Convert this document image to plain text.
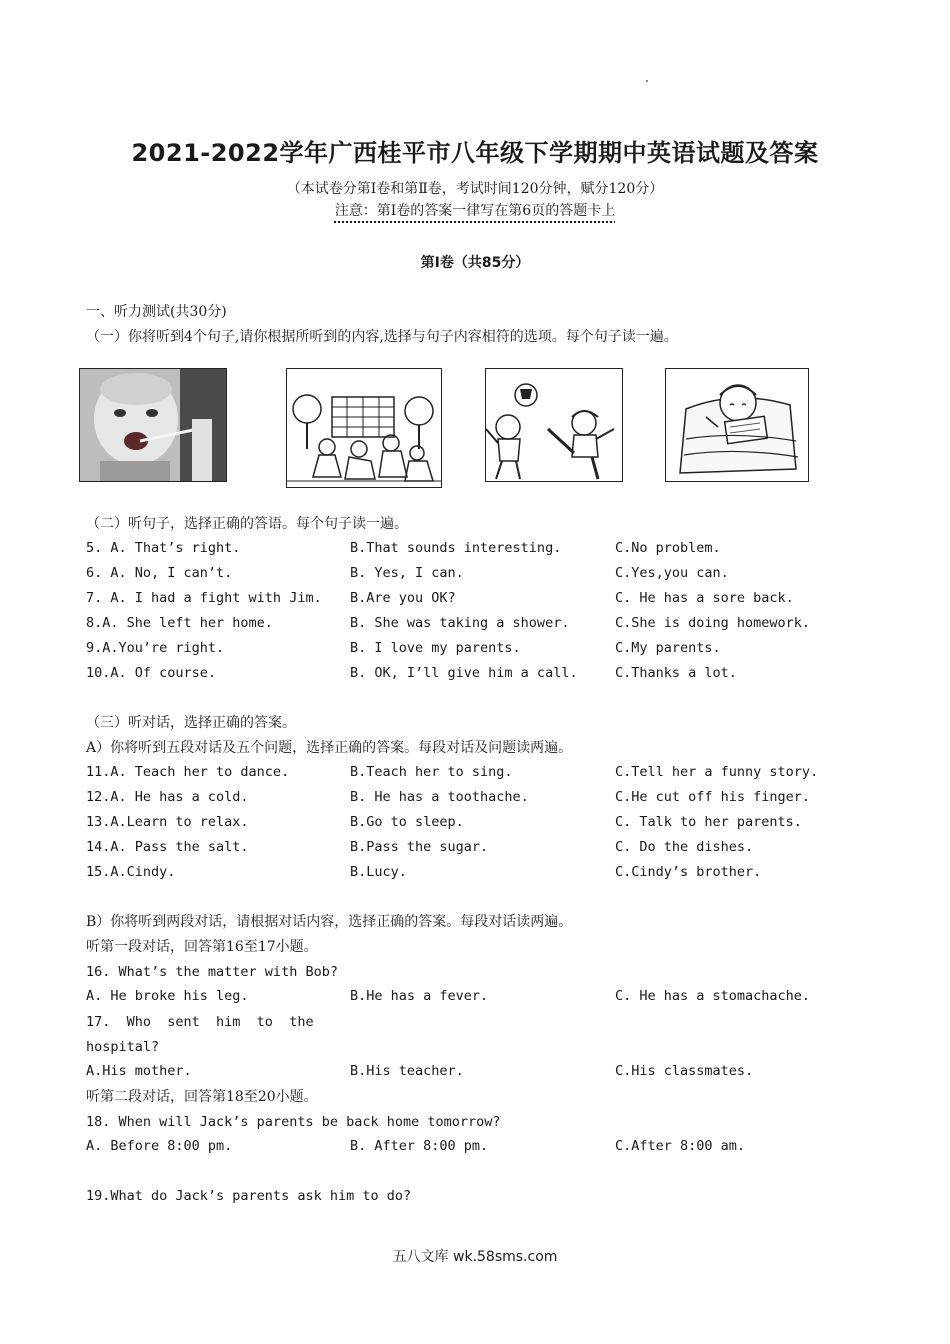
2021-2022学年广西桂平市八年级下学期期中英语试题及答案
（本试卷分第Ⅰ卷和第Ⅱ卷，考试时间120分钟，赋分120分）
注意：第Ⅰ卷的答案一律写在第6页的答题卡上
第Ⅰ卷（共85分）
一、听力测试(共30分)
（一）你将听到4个句子,请你根据所听到的内容,选择与句子内容相符的选项。每个句子读一遍。
（二）听句子，选择正确的答语。每个句子读一遍。
5. A. That’s right.	B.That sounds interesting.	C.No problem.
6. A. No, I can’t.	B. Yes, I can.	C.Yes,you can.
7. A. I had a fight with Jim. B.Are you OK?	C. He has a sore back.
8.A. She left her home.	B. She was taking a shower.	C.She is doing homework.
9.A.You’re right.	B. I love my parents.	C.My parents.
10.A. Of course.	B. OK, I’ll give him a call.	C.Thanks a lot.
（三）听对话，选择正确的答案。
A）你将听到五段对话及五个问题，选择正确的答案。每段对话及问题读两遍。
11.A. Teach her to dance.	B.Teach her to sing.	C.Tell her a funny story.
12.A. He has a cold.	B. He has a toothache.	C.He cut off his finger.
13.A.Learn to relax.	B.Go to sleep.	C. Talk to her parents.
14.A. Pass the salt.	B.Pass the sugar.	C. Do the dishes.
15.A.Cindy.	B.Lucy.	C.Cindy’s brother.
B）你将听到两段对话，请根据对话内容，选择正确的答案。每段对话读两遍。
听第一段对话，回答第16至17小题。
16. What’s the matter with Bob?
A. He broke his leg.	B.He has a fever.	C. He has a stomachache.
17.  Who  sent  him  to  the
hospital?
A.His mother.	B.His teacher.	C.His classmates.
听第二段对话，回答第18至20小题。
18. When will Jack’s parents be back home tomorrow?
A. Before 8:00 pm.	B. After 8:00 pm.	C.After 8:00 am.
19.What do Jack’s parents ask him to do?
五八文库 wk.58sms.com
